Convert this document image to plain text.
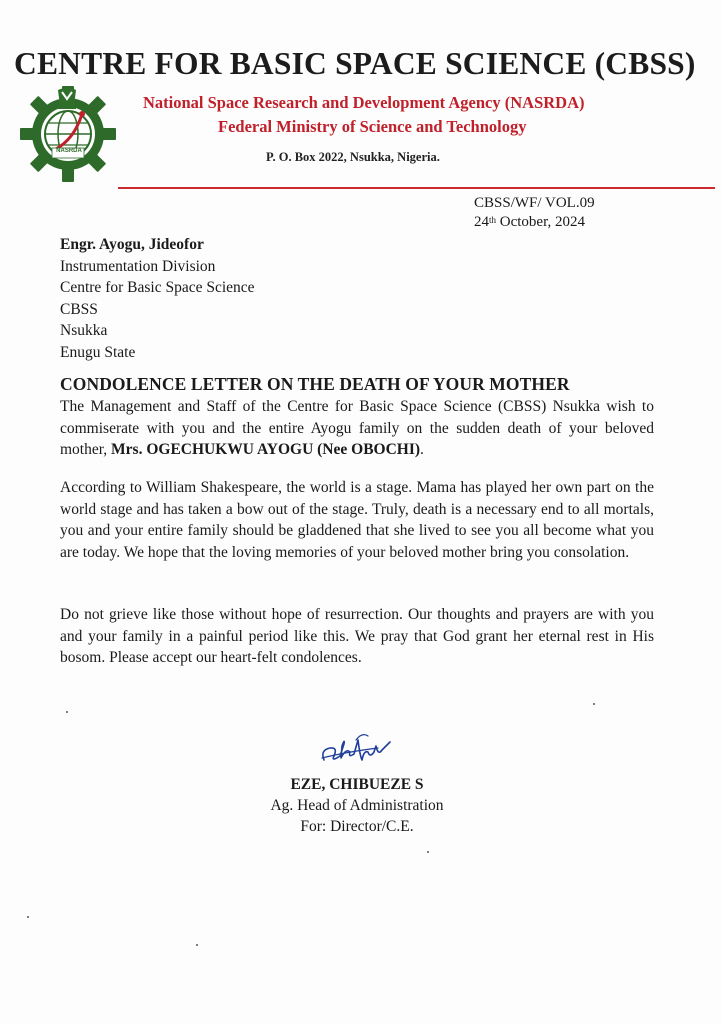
CENTRE FOR BASIC SPACE SCIENCE (CBSS)
NASRDA
National Space Research and Development Agency (NASRDA)
Federal Ministry of Science and Technology
P. O. Box 2022, Nsukka, Nigeria.
CBSS/WF/ VOL.09
24th October, 2024
Engr. Ayogu, Jideofor
Instrumentation Division
Centre for Basic Space Science
CBSS
Nsukka
Enugu State
CONDOLENCE LETTER ON THE DEATH OF YOUR MOTHER
The Management and Staff of the Centre for Basic Space Science (CBSS) Nsukka wish to commiserate with you and the entire Ayogu family on the sudden death of your beloved mother, Mrs. OGECHUKWU AYOGU (Nee OBOCHI).
According to William Shakespeare, the world is a stage. Mama has played her own part on the world stage and has taken a bow out of the stage. Truly, death is a necessary end to all mortals, you and your entire family should be gladdened that she lived to see you all become what you are today. We hope that the loving memories of your beloved mother bring you consolation.
Do not grieve like those without hope of resurrection. Our thoughts and prayers are with you and your family in a painful period like this. We pray that God grant her eternal rest in His bosom. Please accept our heart-felt condolences.
EZE, CHIBUEZE S
Ag. Head of Administration
For: Director/C.E.
